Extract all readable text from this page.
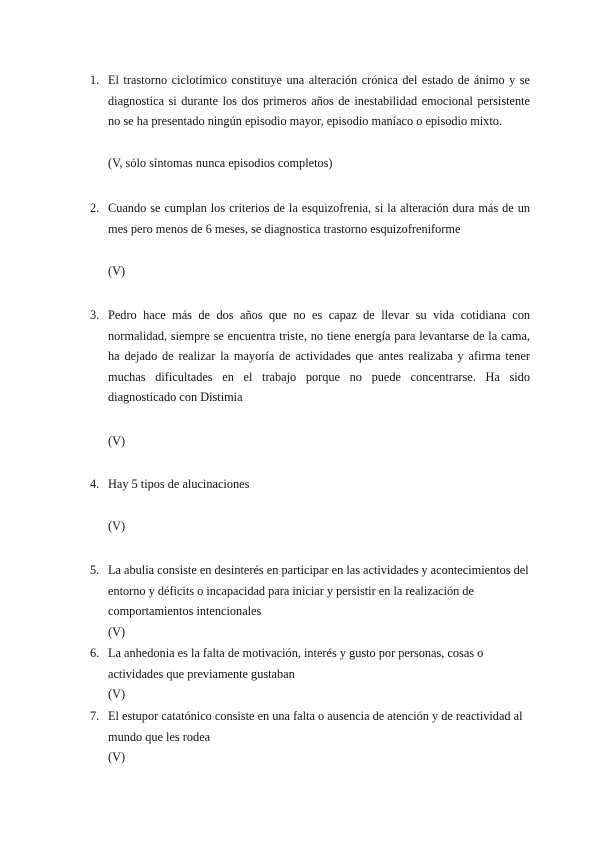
1. El trastorno ciclotímico constituye una alteración crónica del estado de ánimo y se diagnostica si durante los dos primeros años de inestabilidad emocional persistente no se ha presentado ningún episodio mayor, episodio maníaco o episodio mixto.
(V, sólo síntomas nunca episodios completos)
2. Cuando se cumplan los criterios de la esquizofrenia, si la alteración dura más de un mes pero menos de 6 meses, se diagnostica trastorno esquizofreniforme
(V)
3. Pedro hace más de dos años que no es capaz de llevar su vida cotidiana con normalidad, siempre se encuentra triste, no tiene energía para levantarse de la cama, ha dejado de realizar la mayoría de actividades que antes realizaba y afirma tener muchas dificultades en el trabajo porque no puede concentrarse. Ha sido diagnosticado con Distimia
(V)
4. Hay 5 tipos de alucinaciones
(V)
5. La abulia consiste en desinterés en participar en las actividades y acontecimientos del entorno y déficits o incapacidad para iniciar y persistir en la realización de comportamientos intencionales
(V)
6. La anhedonia es la falta de motivación, interés y gusto por personas, cosas o actividades que previamente gustaban
(V)
7. El estupor catatónico consiste en una falta o ausencia de atención y de reactividad al mundo que les rodea
(V)
